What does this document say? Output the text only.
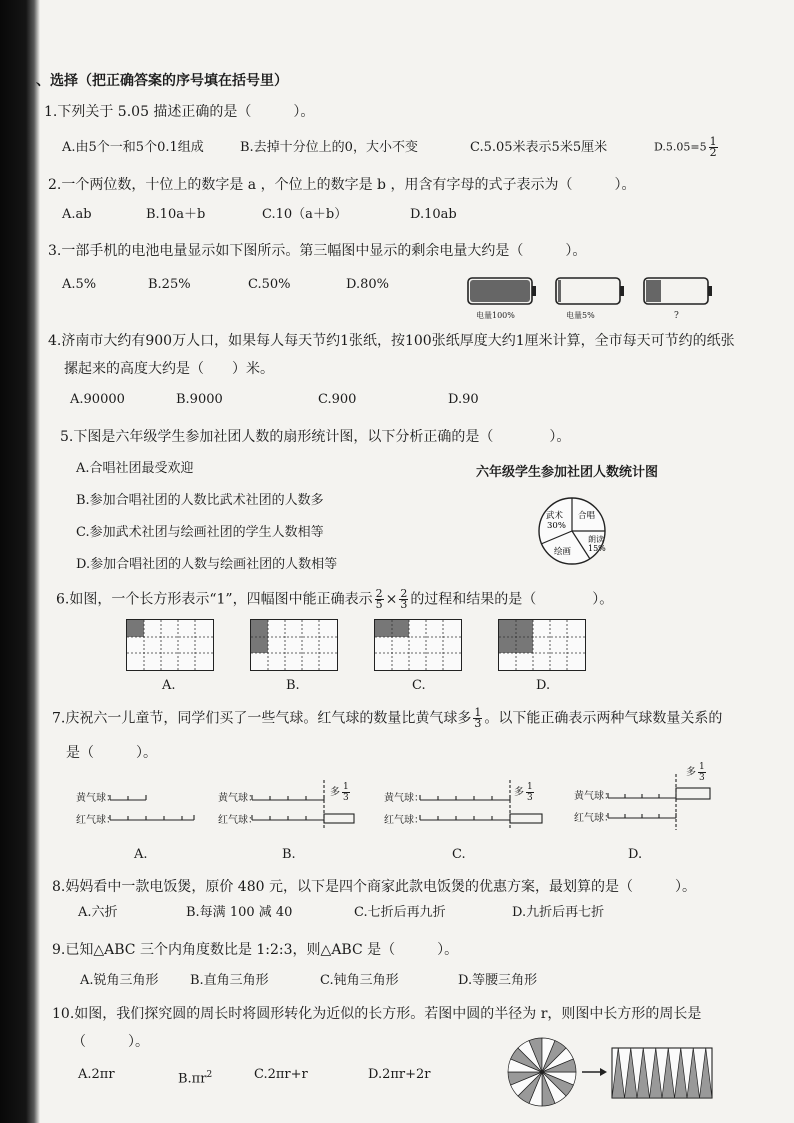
、选择（把正确答案的序号填在括号里）
1.下列关于 5.05 描述正确的是（　　　）。
A.由5个一和5个0.1组成	B.去掉十分位上的0，大小不变	C.5.05米表示5米5厘米	$D.5.05=5 \frac{1}{2}$
2.一个两位数，十位上的数字是 a ，个位上的数字是 b ，用含有字母的式子表示为（　　　）。
A.ab	B.10a＋b	C.10（a＋b）	D.10ab
3.一部手机的电池电量显示如下图所示。第三幅图中显示的剩余电量大约是（　　　）。
A.5%	B.25%	C.50%	D.80%
电量100%	电量5%	?
4.济南市大约有900万人口，如果每人每天节约1张纸，按100张纸厚度大约1厘米计算，全市每天可节约的纸张
摞起来的高度大约是（　　）米。
A.90000	B.9000	C.900	D.90
5.下图是六年级学生参加社团人数的扇形统计图，以下分析正确的是（　　　　）。
A.合唱社团最受欢迎
B.参加合唱社团的人数比武术社团的人数多
C.参加武术社团与绘画社团的学生人数相等
D.参加合唱社团的人数与绘画社团的人数相等
六年级学生参加社团人数统计图
武术
30%
合唱
朗读
15%
绘画
6.如图，一个长方形表示“1”，四幅图中能正确表示 $\frac{2}{5} \times \frac{2}{3}$ 的过程和结果的是（　　　　）。
A.	B.	C.	D.
7.庆祝六一儿童节，同学们买了一些气球。红气球的数量比黄气球多 $\frac{1}{3}$ 。以下能正确表示两种气球数量关系的
是（　　　）。
黄气球：
红气球：
黄气球：
红气球：
多 $\frac{1}{3}$	黄气球：
红气球：
多 $\frac{1}{3}$	黄气球：
红气球：
多 $\frac{1}{3}$
A.	B.	C.	D.
8.妈妈看中一款电饭煲，原价 480 元，以下是四个商家此款电饭煲的优惠方案，最划算的是（　　　）。
A.六折	B.每满 100 减 40	C.七折后再九折	D.九折后再七折
9.已知△ABC 三个内角度数比是 1:2:3，则△ABC 是（　　　）。
A.锐角三角形 B.直角三角形	C.钝角三角形	D.等腰三角形
10.如图，我们探究圆的周长时将圆形转化为近似的长方形。若图中圆的半径为 r，则图中长方形的周长是
（　　　）。
A.2πr	$B.\pi r^2$	C.2πr+r	D.2πr+2r
